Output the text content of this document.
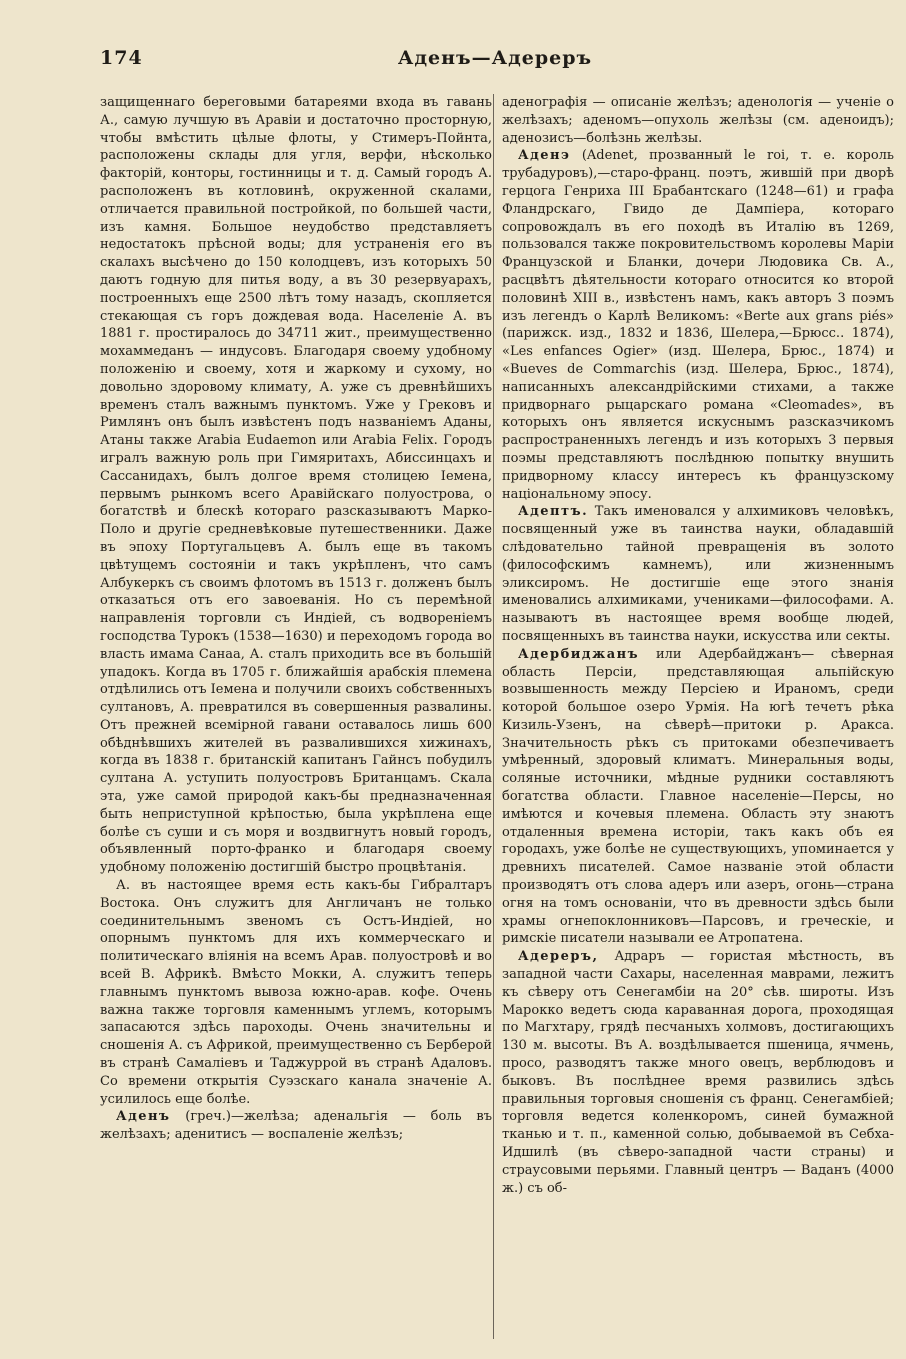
174	Аденъ—Адереръ

защищеннаго береговыми батареями входа въ гавань А., самую лучшую въ Аравіи и достаточно просторную, чтобы вмѣстить цѣлые флоты, у Стимеръ-Пойнта, расположены склады для угля, верфи, нѣсколько факторій, конторы, гостинницы и т. д. Самый городъ А. расположенъ въ котловинѣ, окруженной скалами, отличается правильной постройкой, по большей части, изъ камня. Большое неудобство представляетъ недостатокъ прѣсной воды; для устраненія его въ скалахъ высѣчено до 150 колодцевъ, изъ которыхъ 50 даютъ годную для питья воду, а въ 30 резервуарахъ, построенныхъ еще 2500 лѣтъ тому назадъ, скопляется стекающая съ горъ дождевая вода. Населеніе А. въ 1881 г. простиралось до 34711 жит., преимущественно мохаммеданъ — индусовъ. Благодаря своему удобному положенію и своему, хотя и жаркому и сухому, но довольно здоровому климату, А. уже съ древнѣйшихъ временъ сталъ важнымъ пунктомъ. Уже у Грековъ и Римлянъ онъ былъ извѣстенъ подъ названіемъ Аданы, Атаны также Arabia Eudaemon или Arabia Felix. Городъ игралъ важную роль при Гимяритахъ, Абиссинцахъ и Сассанидахъ, былъ долгое время столицею Іемена, первымъ рынкомъ всего Аравійскаго полуострова, о богатствѣ и блескѣ котораго разсказываютъ Марко-Поло и другіе средневѣковые путешественники. Даже въ эпоху Португальцевъ А. былъ еще въ такомъ цвѣтущемъ состояніи и такъ укрѣпленъ, что самъ Албукеркъ съ своимъ флотомъ въ 1513 г. долженъ былъ отказаться отъ его завоеванія. Но съ перемѣной направленія торговли съ Индіей, съ водвореніемъ господства Турокъ (1538—1630) и переходомъ города во власть имама Санаа, А. сталъ приходить все въ большій упадокъ. Когда въ 1705 г. ближайшія арабскія племена отдѣлились отъ Іемена и получили своихъ собственныхъ султановъ, А. превратился въ совершенныя развалины. Отъ прежней всемірной гавани оставалось лишь 600 обѣднѣвшихъ жителей въ развалившихся хижинахъ, когда въ 1838 г. британскій капитанъ Гайнсъ побудилъ султана А. уступить полуостровъ Британцамъ. Скала эта, уже самой природой какъ-бы предназначенная быть неприступной крѣпостью, была укрѣплена еще болѣе съ суши и съ моря и воздвигнутъ новый городъ, объявленный порто-франко и благодаря своему удобному положенію достигшій быстро процвѣтанія.

А. въ настоящее время есть какъ-бы Гибралтаръ Востока. Онъ служитъ для Англичанъ не только соединительнымъ звеномъ съ Остъ-Индіей, но опорнымъ пунктомъ для ихъ коммерческаго и политическаго вліянія на всемъ Арав. полуостровѣ и во всей В. Африкѣ. Вмѣсто Мокки, А. служитъ теперь главнымъ пунктомъ вывоза южно-арав. кофе. Очень важна также торговля каменнымъ углемъ, которымъ запасаются здѣсь пароходы. Очень значительны и сношенія А. съ Африкой, преимущественно съ Берберой въ странѣ Самаліевъ и Таджуррой въ странѣ Адаловъ. Со времени открытія Суэзскаго канала значеніе А. усилилось еще болѣе.

Аденъ (греч.)—желѣза; аденальгія — боль въ желѣзахъ; аденитисъ — воспаленіе желѣзъ;

аденографія — описаніе желѣзъ; аденологія — ученіе о желѣзахъ; аденомъ—опухоль желѣзы (см. аденоидъ); аденозисъ—болѣзнь желѣзы.

Аденэ (Adenet, прозванный le roi, т. е. король трубадуровъ),—старо-франц. поэтъ, жившій при дворѣ герцога Генриха III Брабантскаго (1248—61) и графа Фландрскаго, Гвидо де Дампіера, котораго сопровождалъ въ его походѣ въ Италію въ 1269, пользовался также покровительствомъ королевы Маріи Французской и Бланки, дочери Людовика Св. А., расцвѣтъ дѣятельности котораго относится ко второй половинѣ XIII в., извѣстенъ намъ, какъ авторъ 3 поэмъ изъ легендъ о Карлѣ Великомъ: «Berte aux grans piés» (парижск. изд., 1832 и 1836, Шелера,—Брюсс.. 1874), «Les enfances Ogier» (изд. Шелера, Брюс., 1874) и «Bueves de Commarchis (изд. Шелера, Брюс., 1874), написанныхъ александрійскими стихами, а также придворнаго рыцарскаго романа «Cleomades», въ которыхъ онъ является искуснымъ разсказчикомъ распространенныхъ легендъ и изъ которыхъ 3 первыя поэмы представляютъ послѣднюю попытку внушить придворному классу интересъ къ французскому національному эпосу.

Адептъ. Такъ именовался у алхимиковъ человѣкъ, посвященный уже въ таинства науки, обладавшій слѣдовательно тайной превращенія въ золото (философскимъ камнемъ), или жизненнымъ эликсиромъ. Не достигшіе еще этого знанія именовались алхимиками, учениками—философами. А. называютъ въ настоящее время вообще людей, посвященныхъ въ таинства науки, искусства или секты.

Адербиджанъ или Адербайджанъ— сѣверная область Персіи, представляющая альпійскую возвышенность между Персіею и Ираномъ, среди которой большое озеро Урмія. На югѣ течетъ рѣка Кизиль-Узенъ, на сѣверѣ—притоки р. Аракса. Значительность рѣкъ съ притоками обезпечиваетъ умѣренный, здоровый климатъ. Минеральныя воды, соляные источники, мѣдные рудники составляютъ богатства области. Главное населеніе—Персы, но имѣются и кочевыя племена. Область эту знаютъ отдаленныя времена исторіи, такъ какъ объ ея городахъ, уже болѣе не существующихъ, упоминается у древнихъ писателей. Самое названіе этой области производятъ отъ слова адеръ или азеръ, огонь—страна огня на томъ основаніи, что въ древности здѣсь были храмы огнепоклонниковъ—Парсовъ, и греческіе, и римскіе писатели называли ее Атропатена.

Адереръ, Адраръ — гористая мѣстность, въ западной части Сахары, населенная маврами, лежитъ къ сѣверу отъ Сенегамбіи на 20° сѣв. широты. Изъ Марокко ведетъ сюда караванная дорога, проходящая по Магхтару, грядѣ песчаныхъ холмовъ, достигающихъ 130 м. высоты. Въ А. воздѣлывается пшеница, ячмень, просо, разводятъ также много овецъ, верблюдовъ и быковъ. Въ послѣднее время развились здѣсь правильныя торговыя сношенія съ франц. Сенегамбіей; торговля ведется коленкоромъ, синей бумажной тканью и т. п., каменной солью, добываемой въ Себха-Идшилѣ (въ сѣверо-западной части страны) и страусовыми перьями. Главный центръ — Ваданъ (4000 ж.) съ об-
